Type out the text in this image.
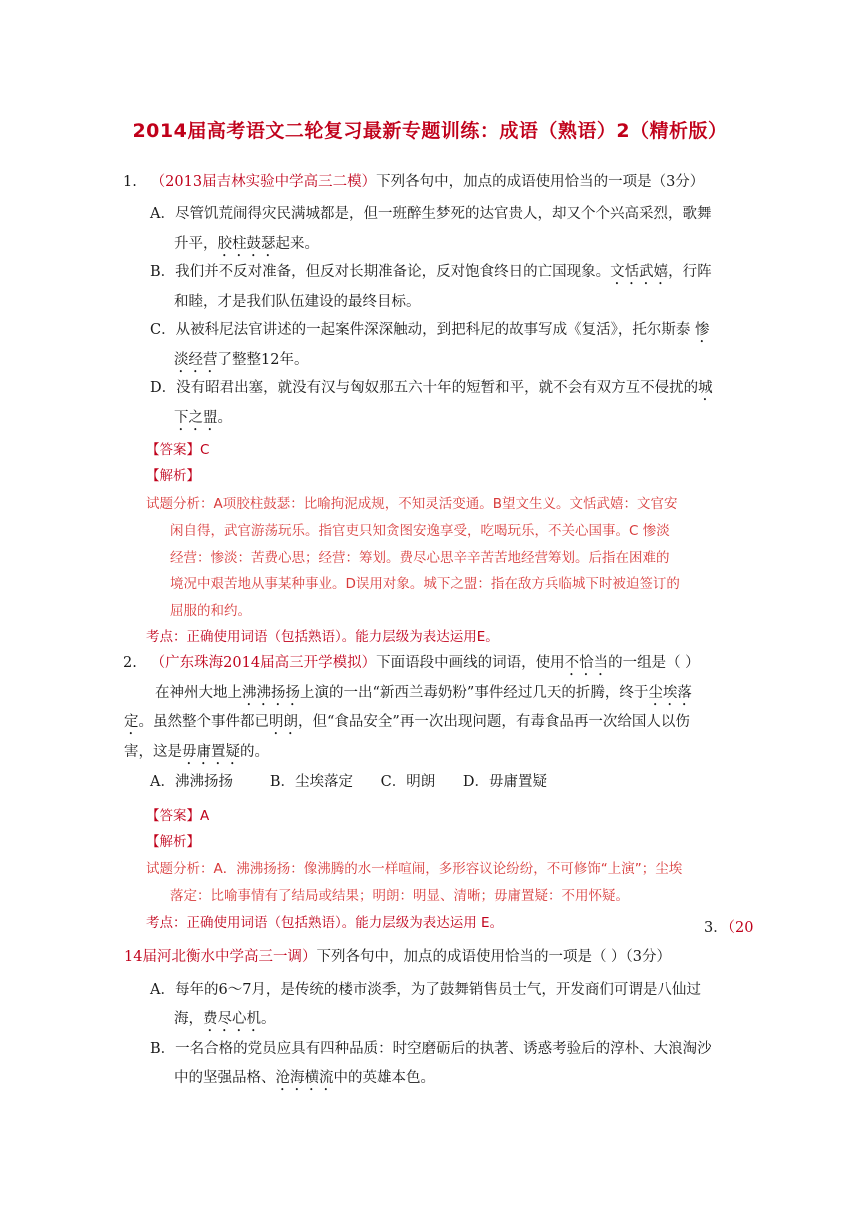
2014届高考语文二轮复习最新专题训练：成语（熟语）2（精析版）
1. （2013届吉林实验中学高三二模）下列各句中，加点的成语使用恰当的一项是（3分）
A．尽管饥荒闹得灾民满城都是，但一班醉生梦死的达官贵人，却又个个兴高采烈，歌舞
升平，胶柱鼓瑟起来。
B．我们并不反对准备，但反对长期准备论，反对饱食终日的亡国现象。文恬武嬉，行阵
和睦，才是我们队伍建设的最终目标。
C．从被科尼法官讲述的一起案件深深触动，到把科尼的故事写成《复活》，托尔斯泰 惨
淡经营了整整12年。
D．没有昭君出塞，就没有汉与匈奴那五六十年的短暂和平，就不会有双方互不侵扰的城
下之盟。
【答案】C
【解析】
试题分析：A项胶柱鼓瑟：比喻拘泥成规，不知灵活变通。B望文生义。文恬武嬉：文官安
闲自得，武官游荡玩乐。指官吏只知贪图安逸享受，吃喝玩乐，不关心国事。C 惨淡
经营：惨淡：苦费心思；经营：筹划。费尽心思辛辛苦苦地经营筹划。后指在困难的
境况中艰苦地从事某种事业。D误用对象。城下之盟：指在敌方兵临城下时被迫签订的
屈服的和约。
考点：正确使用词语（包括熟语）。能力层级为表达运用E。
2. （广东珠海2014届高三开学模拟）下面语段中画线的词语，使用不恰当的一组是（ ）
在神州大地上沸沸扬扬上演的一出“新西兰毒奶粉”事件经过几天的折腾，终于尘埃落
定。虽然整个事件都已明朗，但“食品安全”再一次出现问题，有毒食品再一次给国人以伤
害，这是毋庸置疑的。
A．沸沸扬扬        B．尘埃落定      C．明朗      D．毋庸置疑
【答案】A
【解析】
试题分析：A．沸沸扬扬：像沸腾的水一样喧闹，多形容议论纷纷，不可修饰“上演”；尘埃
落定：比喻事情有了结局或结果；明朗：明显、清晰；毋庸置疑：不用怀疑。
考点：正确使用词语（包括熟语）。能力层级为表达运用 E。	3．（20
14届河北衡水中学高三一调）下列各句中，加点的成语使用恰当的一项是（ ）（3分）
A．每年的6～7月，是传统的楼市淡季，为了鼓舞销售员士气，开发商们可谓是八仙过
海，费尽心机。
B．一名合格的党员应具有四种品质：时空磨砺后的执著、诱惑考验后的淳朴、大浪淘沙
中的坚强品格、沧海横流中的英雄本色。
